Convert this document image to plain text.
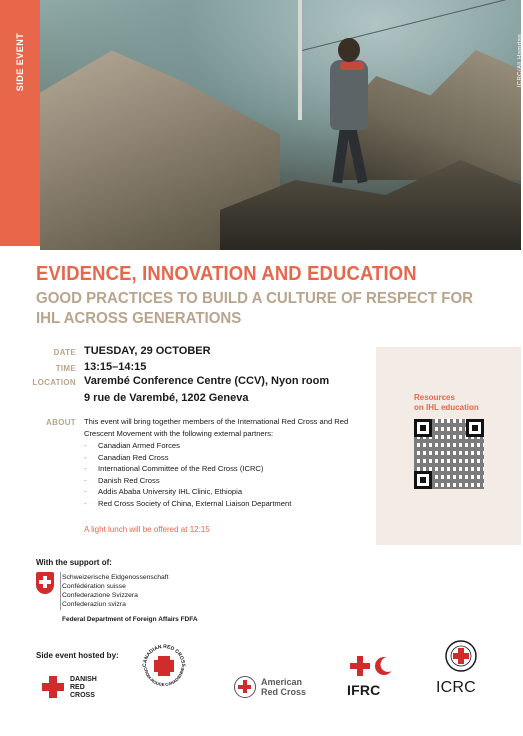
SIDE EVENT	ICRC/Ali Hamdan
EVIDENCE, INNOVATION AND EDUCATION
GOOD PRACTICES TO BUILD A CULTURE OF RESPECT FOR IHL ACROSS GENERATIONS
DATE TUESDAY, 29 OCTOBER
TIME 13:15–14:15
LOCATION Varembé Conference Centre (CCV), Nyon room
9 rue de Varembé, 1202 Geneva
ABOUT This event will bring together members of the International Red Cross and Red Crescent Movement with the following external partners:

- Canadian Armed Forces
- Canadian Red Cross
- International Committee of the Red Cross (ICRC)
- Danish Red Cross
- Addis Ababa University IHL Clinic, Ethiopia
- Red Cross Society of China, External Liaison Department
A light lunch will be offered at 12:15
Resources
on IHL education
With the support of:
Schweizerische Eidgenossenschaft
Confédération suisse
Confederazione Svizzera
Confederaziun svizra
Federal Department of Foreign Affairs FDFA
Side event hosted by:
DANISH
RED
CROSS
CANADIAN RED CROSS
CROIX-ROUGE CANADIENNE
American
Red Cross	IFRC	ICRC
